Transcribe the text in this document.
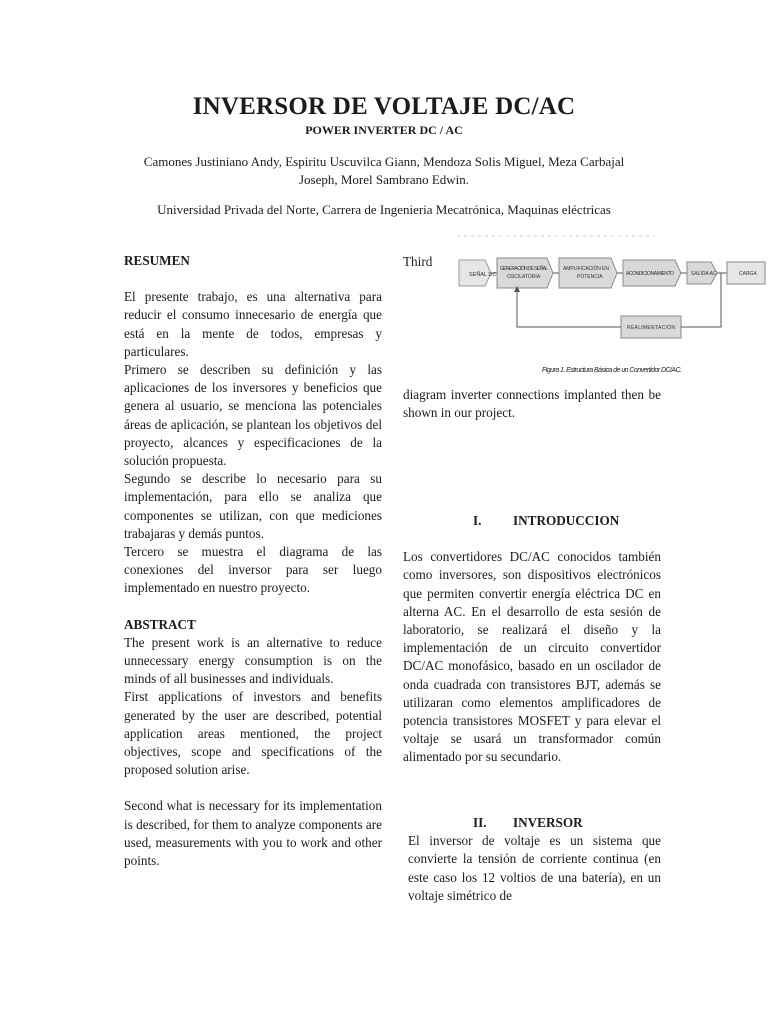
INVERSOR DE VOLTAJE DC/AC
POWER INVERTER DC / AC
Camones Justiniano Andy, Espiritu Uscuvilca Giann, Mendoza Solis Miguel, Meza Carbajal
Joseph, Morel Sambrano Edwin.
Universidad Privada del Norte, Carrera de Ingenieria Mecatrónica, Maquinas eléctricas
RESUMEN

El presente trabajo, es una alternativa para reducir el consumo innecesario de energía que está en la mente de todos, empresas y particulares.

Primero se describen su definición y las aplicaciones de los inversores y beneficios que genera al usuario, se menciona las potenciales áreas de aplicación, se plantean los objetivos del proyecto, alcances y especificaciones de la solución propuesta.

Segundo se describe lo necesario para su implementación, para ello se analiza que componentes se utilizan, con que mediciones trabajaras y demás puntos.

Tercero se muestra el diagrama de las conexiones del inversor para ser luego implementado en nuestro proyecto.

ABSTRACT

The present work is an alternative to reduce unnecessary energy consumption is on the minds of all businesses and individuals.

First applications of investors and benefits generated by the user are described, potential application areas mentioned, the project objectives, scope and specifications of the proposed solution arise.

Second what is necessary for its implementation is described, for them to analyze components are used, measurements with you to work and other points.

Third
SEÑAL DC
GENERACIÓN DE SEÑAL
OSCILATORIA
AMPLIFICACIÓN EN
POTENCIA	ACONDICIONAMIENTO	SALIDA AC	CARGA
REALIMENTACIÓN
Figura 1. Estructura Básica de un Convertidor DC/AC.
diagram inverter connections implanted then be shown in our project.
I. INTRODUCCION

Los convertidores DC/AC conocidos también como inversores, son dispositivos electrónicos que permiten convertir energía eléctrica DC en alterna AC. En el desarrollo de esta sesión de laboratorio, se realizará el diseño y la implementación de un circuito convertidor DC/AC monofásico, basado en un oscilador de onda cuadrada con transistores BJT, además se utilizaran como elementos amplificadores de potencia transistores MOSFET y para elevar el voltaje se usará un transformador común alimentado por su secundario.

II. INVERSOR

El inversor de voltaje es un sistema que convierte la tensión de corriente continua (en este caso los 12 voltios de una batería), en un voltaje simétrico de
